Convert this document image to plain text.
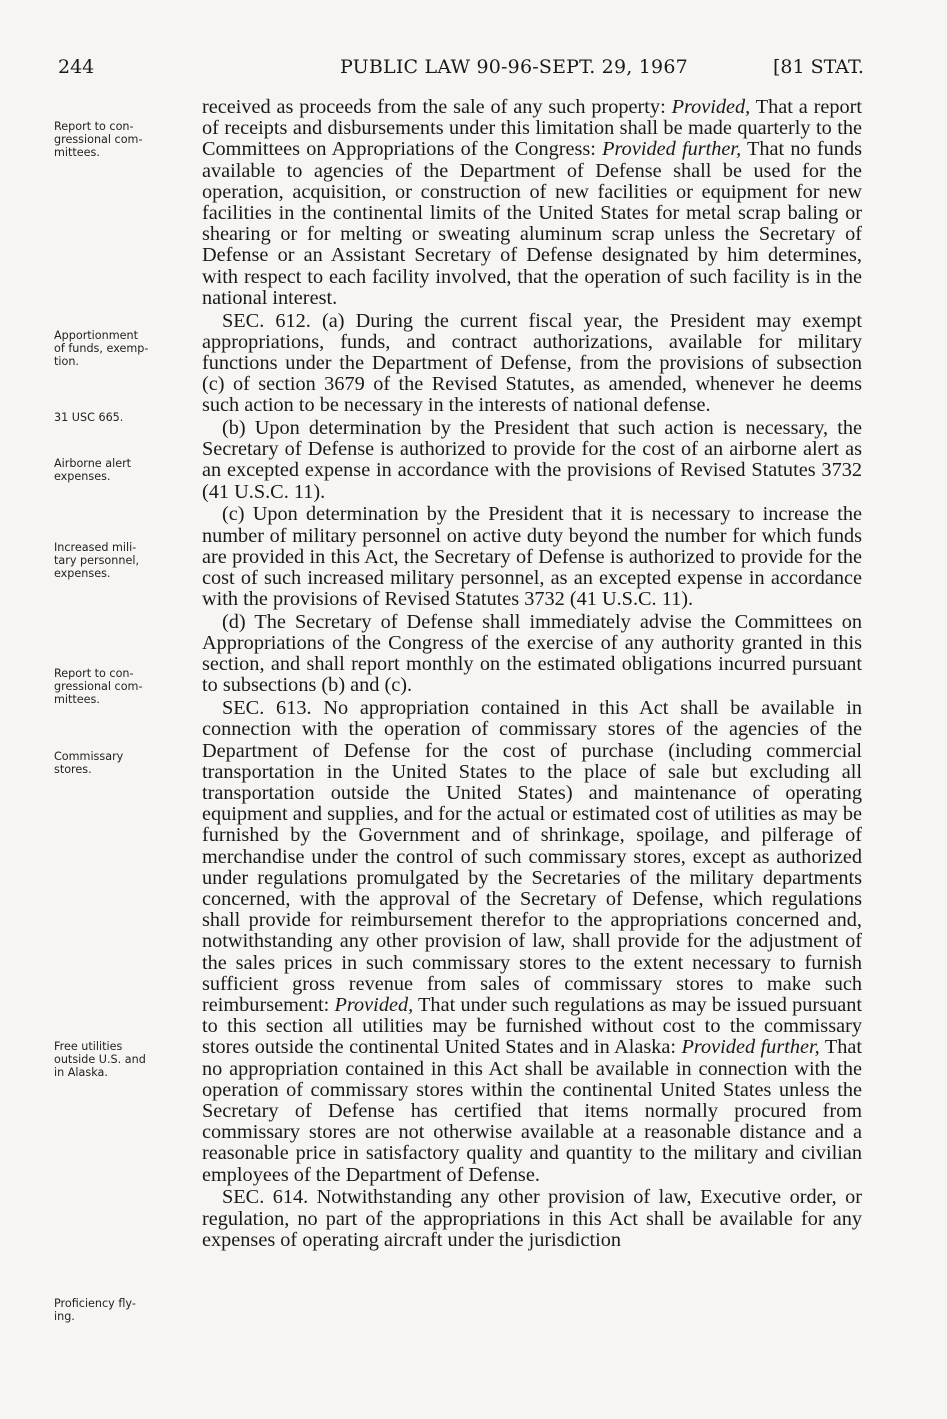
244	PUBLIC LAW 90-96-SEPT. 29, 1967	[81 STAT.
Report to con-
gressional com-
mittees.
Apportionment
of funds, exemp-
tion.
31 USC 665.
Airborne alert
expenses.
Increased mili-
tary personnel,
expenses.
Report to con-
gressional com-
mittees.
Commissary
stores.
Free utilities
outside U.S. and
in Alaska.
Proficiency fly-
ing.

received as proceeds from the sale of any such property: Provided, That a report of receipts and disbursements under this limitation shall be made quarterly to the Committees on Appropriations of the Congress: Provided further, That no funds available to agencies of the Department of Defense shall be used for the operation, acquisition, or construction of new facilities or equipment for new facilities in the continental limits of the United States for metal scrap baling or shearing or for melting or sweating aluminum scrap unless the Secretary of Defense or an Assistant Secretary of Defense designated by him determines, with respect to each facility involved, that the operation of such facility is in the national interest.

SEC. 612. (a) During the current fiscal year, the President may exempt appropriations, funds, and contract authorizations, available for military functions under the Department of Defense, from the provisions of subsection (c) of section 3679 of the Revised Statutes, as amended, whenever he deems such action to be necessary in the interests of national defense.

(b) Upon determination by the President that such action is necessary, the Secretary of Defense is authorized to provide for the cost of an airborne alert as an excepted expense in accordance with the provisions of Revised Statutes 3732 (41 U.S.C. 11).

(c) Upon determination by the President that it is necessary to increase the number of military personnel on active duty beyond the number for which funds are provided in this Act, the Secretary of Defense is authorized to provide for the cost of such increased military personnel, as an excepted expense in accordance with the provisions of Revised Statutes 3732 (41 U.S.C. 11).

(d) The Secretary of Defense shall immediately advise the Committees on Appropriations of the Congress of the exercise of any authority granted in this section, and shall report monthly on the estimated obligations incurred pursuant to subsections (b) and (c).

SEC. 613. No appropriation contained in this Act shall be available in connection with the operation of commissary stores of the agencies of the Department of Defense for the cost of purchase (including commercial transportation in the United States to the place of sale but excluding all transportation outside the United States) and maintenance of operating equipment and supplies, and for the actual or estimated cost of utilities as may be furnished by the Government and of shrinkage, spoilage, and pilferage of merchandise under the control of such commissary stores, except as authorized under regulations promulgated by the Secretaries of the military departments concerned, with the approval of the Secretary of Defense, which regulations shall provide for reimbursement therefor to the appropriations concerned and, notwithstanding any other provision of law, shall provide for the adjustment of the sales prices in such commissary stores to the extent necessary to furnish sufficient gross revenue from sales of commissary stores to make such reimbursement: Provided, That under such regulations as may be issued pursuant to this section all utilities may be furnished without cost to the commissary stores outside the continental United States and in Alaska: Provided further, That no appropriation contained in this Act shall be available in connection with the operation of commissary stores within the continental United States unless the Secretary of Defense has certified that items normally procured from commissary stores are not otherwise available at a reasonable distance and a reasonable price in satisfactory quality and quantity to the military and civilian employees of the Department of Defense.

SEC. 614. Notwithstanding any other provision of law, Executive order, or regulation, no part of the appropriations in this Act shall be available for any expenses of operating aircraft under the jurisdiction
